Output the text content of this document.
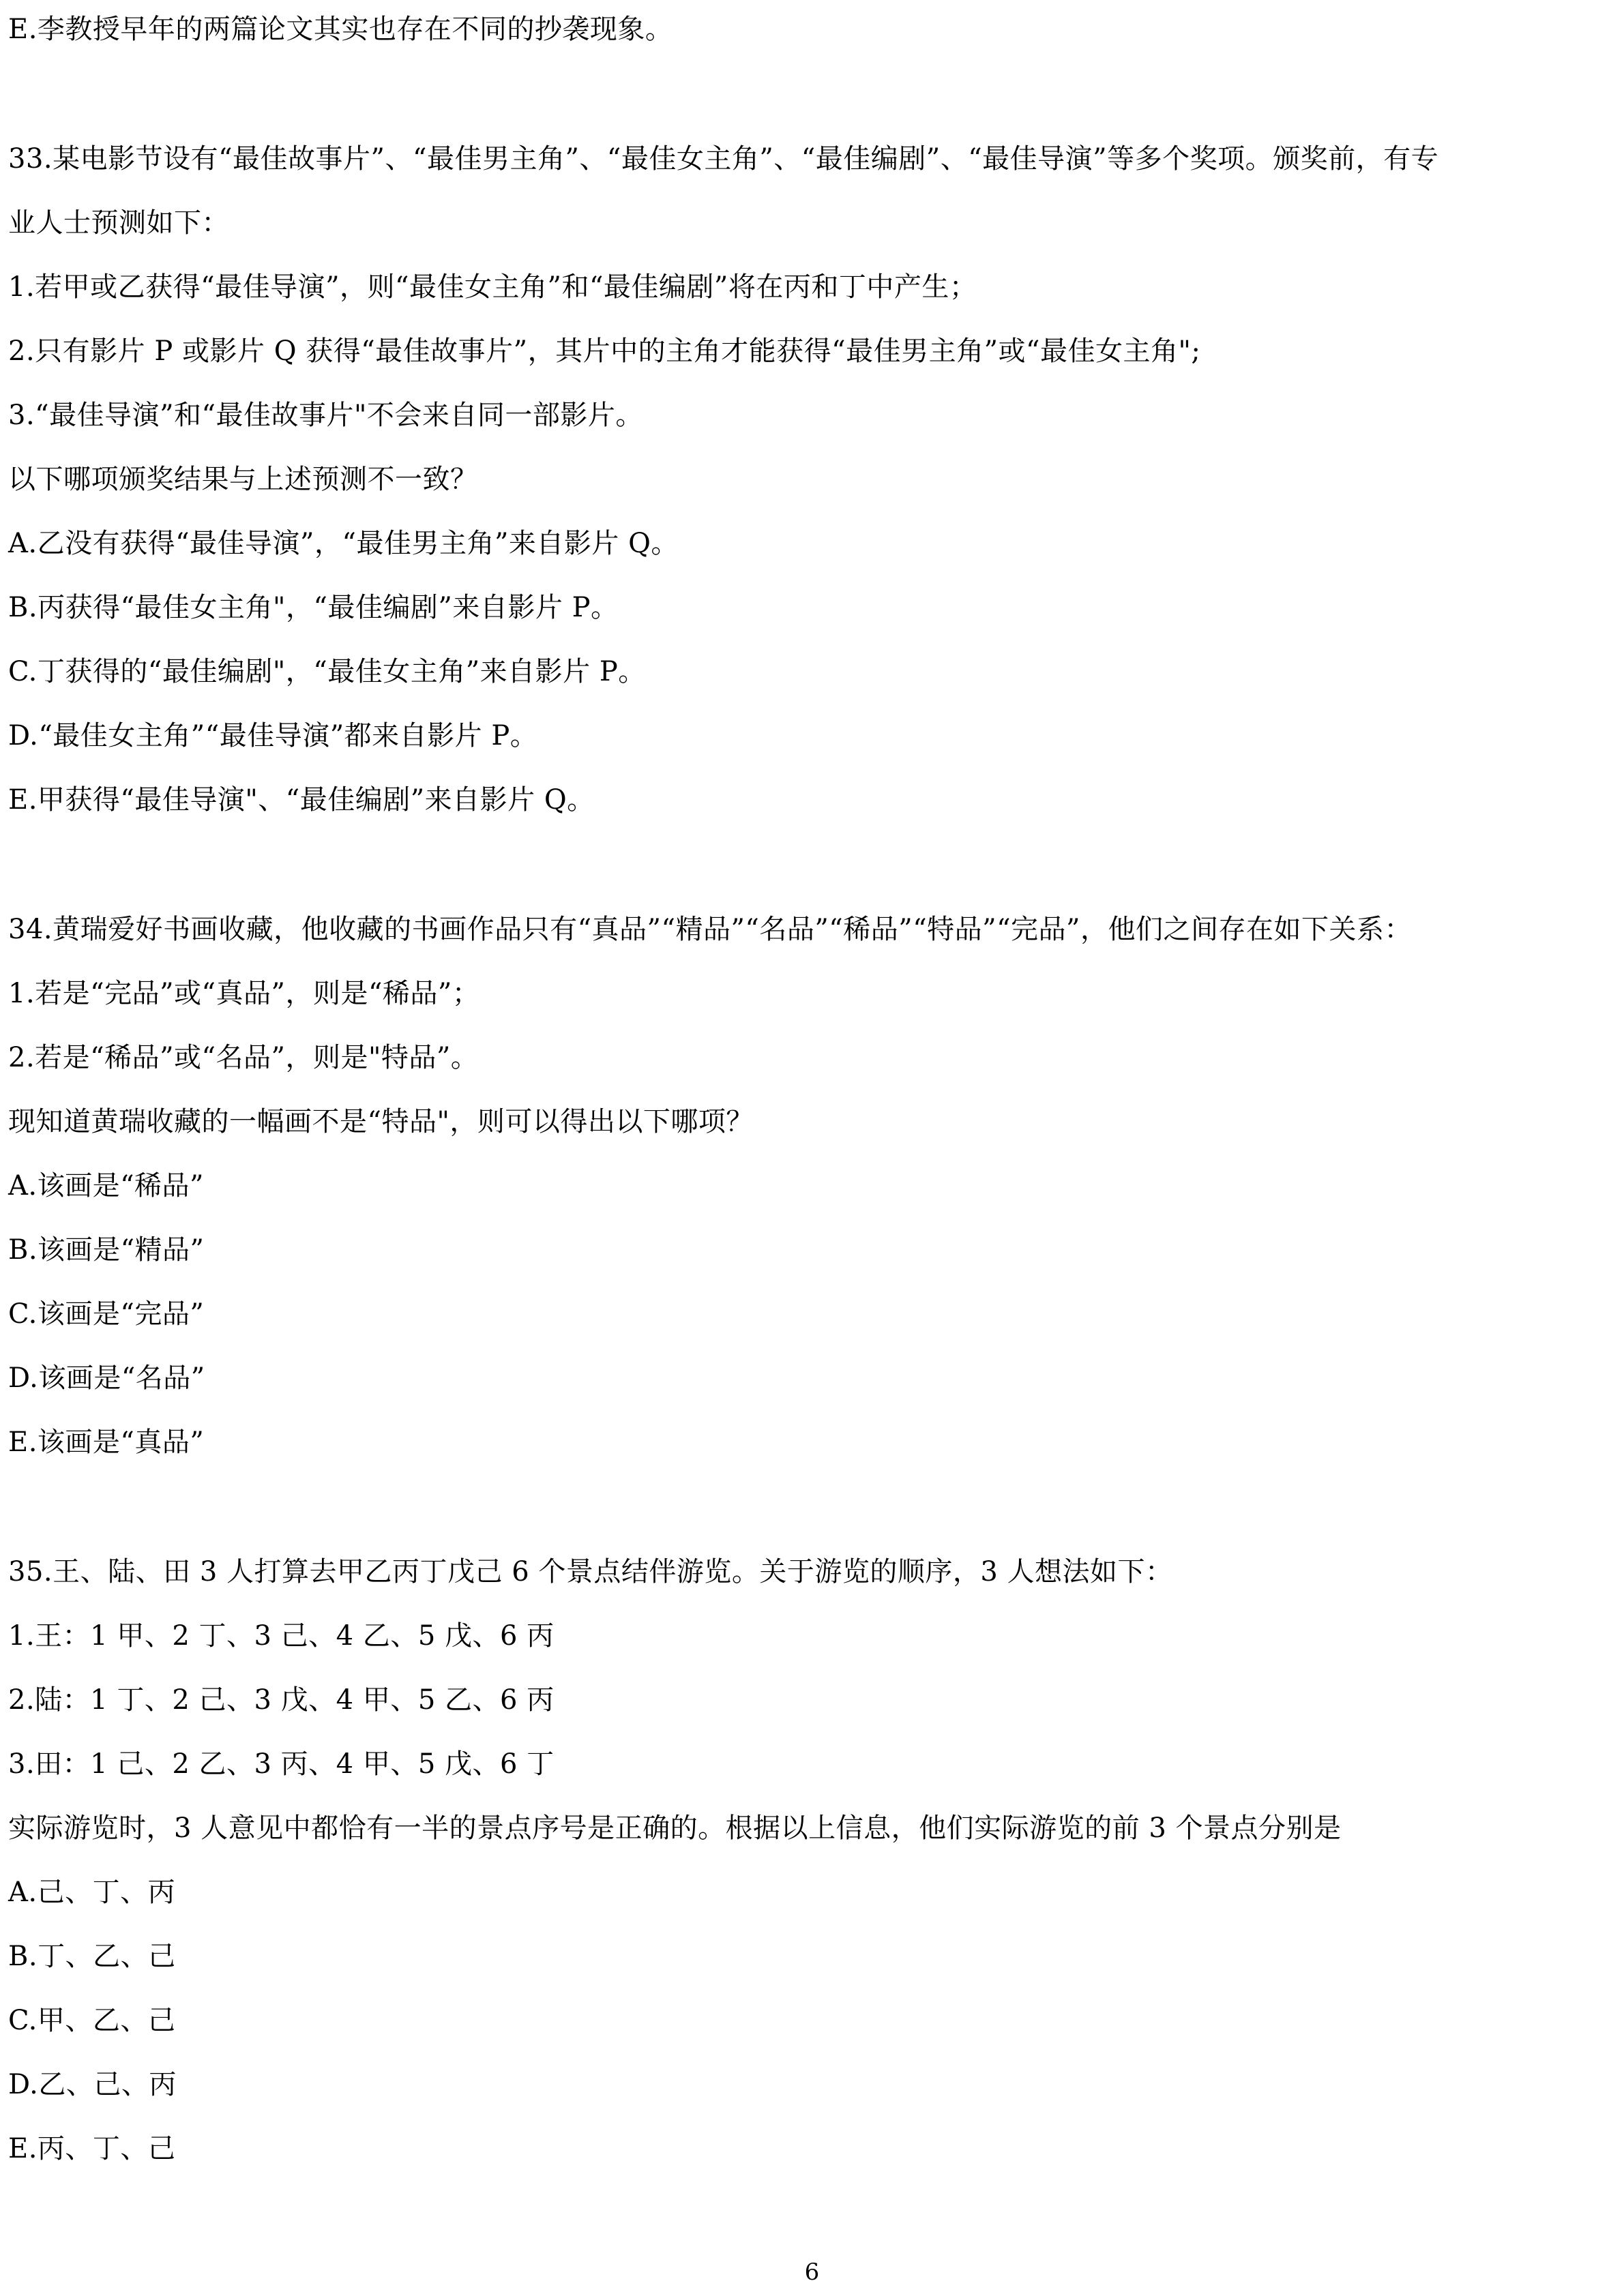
E.李教授早年的两篇论文其实也存在不同的抄袭现象。

33.某电影节设有“最佳故事片”、“最佳男主角”、“最佳女主角”、“最佳编剧”、“最佳导演”等多个奖项。颁奖前，有专

业人士预测如下：

1.若甲或乙获得“最佳导演”，则“最佳女主角”和“最佳编剧”将在丙和丁中产生；

2.只有影片 P 或影片 Q 获得“最佳故事片”，其片中的主角才能获得“最佳男主角”或“最佳女主角";

3.“最佳导演”和“最佳故事片"不会来自同一部影片。

以下哪项颁奖结果与上述预测不一致？

A.乙没有获得“最佳导演”，“最佳男主角”来自影片 Q。

B.丙获得“最佳女主角"，“最佳编剧”来自影片 P。

C.丁获得的“最佳编剧"，“最佳女主角”来自影片 P。

D.“最佳女主角”“最佳导演”都来自影片 P。

E.甲获得“最佳导演"、“最佳编剧”来自影片 Q。

34.黄瑞爱好书画收藏，他收藏的书画作品只有“真品”“精品”“名品”“稀品”“特品”“完品”，他们之间存在如下关系：

1.若是“完品”或“真品”，则是“稀品”；

2.若是“稀品”或“名品”，则是"特品”。

现知道黄瑞收藏的一幅画不是“特品"，则可以得出以下哪项？

A.该画是“稀品”

B.该画是“精品”

C.该画是“完品”

D.该画是“名品”

E.该画是“真品”

35.王、陆、田 3 人打算去甲乙丙丁戊己 6 个景点结伴游览。关于游览的顺序，3 人想法如下：

1.王：1 甲、2 丁、3 己、4 乙、5 戊、6 丙

2.陆：1 丁、2 己、3 戊、4 甲、5 乙、6 丙

3.田：1 己、2 乙、3 丙、4 甲、5 戊、6 丁

实际游览时，3 人意见中都恰有一半的景点序号是正确的。根据以上信息，他们实际游览的前 3 个景点分别是

A.己、丁、丙

B.丁、乙、己

C.甲、乙、己

D.乙、己、丙

E.丙、丁、己

6
